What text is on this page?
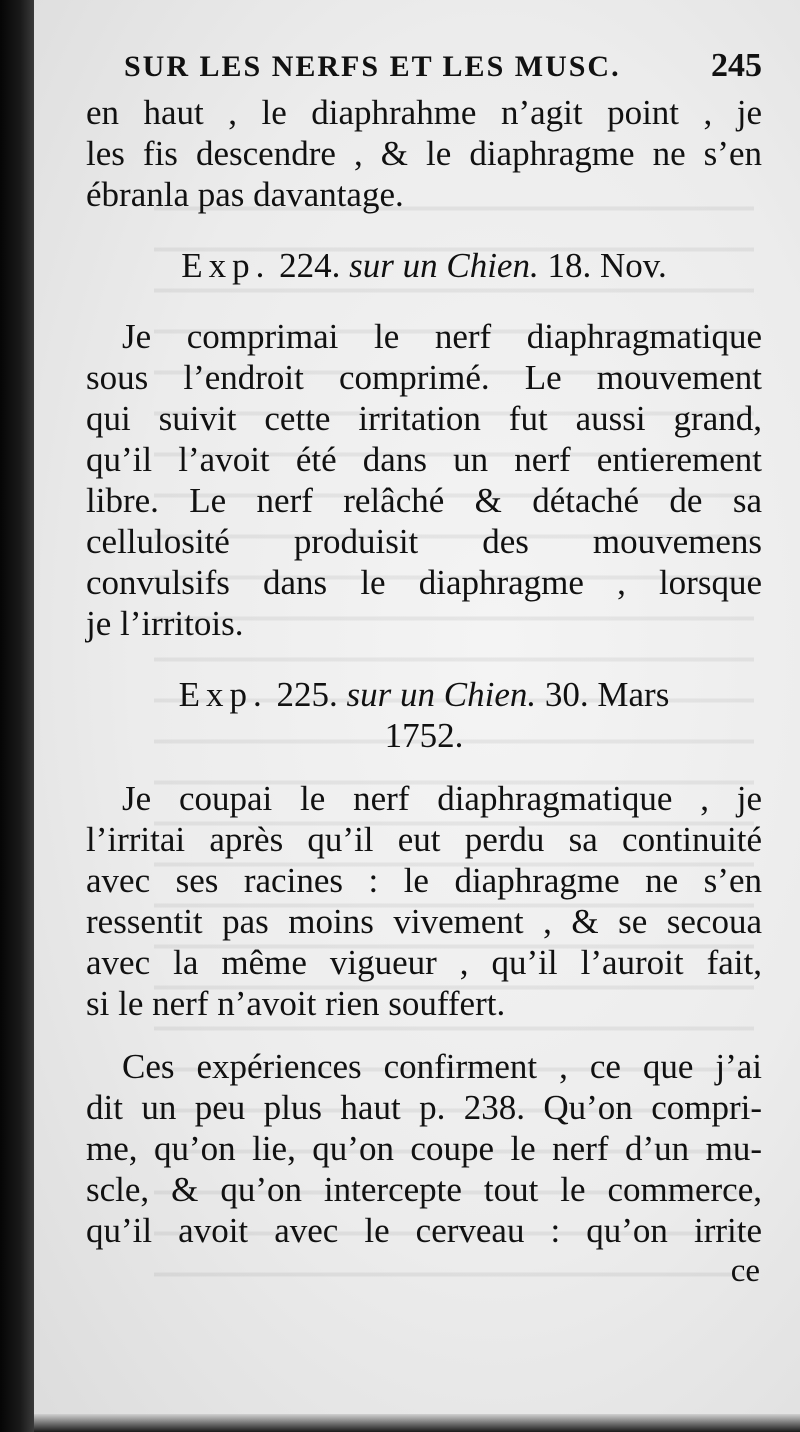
SUR LES NERFS ET LES MUSC.	245
en haut , le diaphrahme n’agit point , je
les fis descendre , & le diaphragme ne s’en
ébranla pas davantage.
Exp. 224. sur un Chien. 18. Nov.
Je comprimai le nerf diaphragmatique
sous l’endroit comprimé. Le mouvement
qui suivit cette irritation fut aussi grand,
qu’il l’avoit été dans un nerf entierement
libre. Le nerf relâché & détaché de sa
cellulosité produisit des mouvemens
convulsifs dans le diaphragme , lorsque
je l’irritois.
Exp. 225. sur un Chien. 30. Mars
1752.
Je coupai le nerf diaphragmatique , je
l’irritai après qu’il eut perdu sa continuité
avec ses racines : le diaphragme ne s’en
ressentit pas moins vivement , & se secoua
avec la même vigueur , qu’il l’auroit fait,
si le nerf n’avoit rien souffert.
Ces expériences confirment , ce que j’ai
dit un peu plus haut p. 238. Qu’on compri-
me, qu’on lie, qu’on coupe le nerf d’un mu-
scle, & qu’on intercepte tout le commerce,
qu’il avoit avec le cerveau : qu’on irrite
ce
